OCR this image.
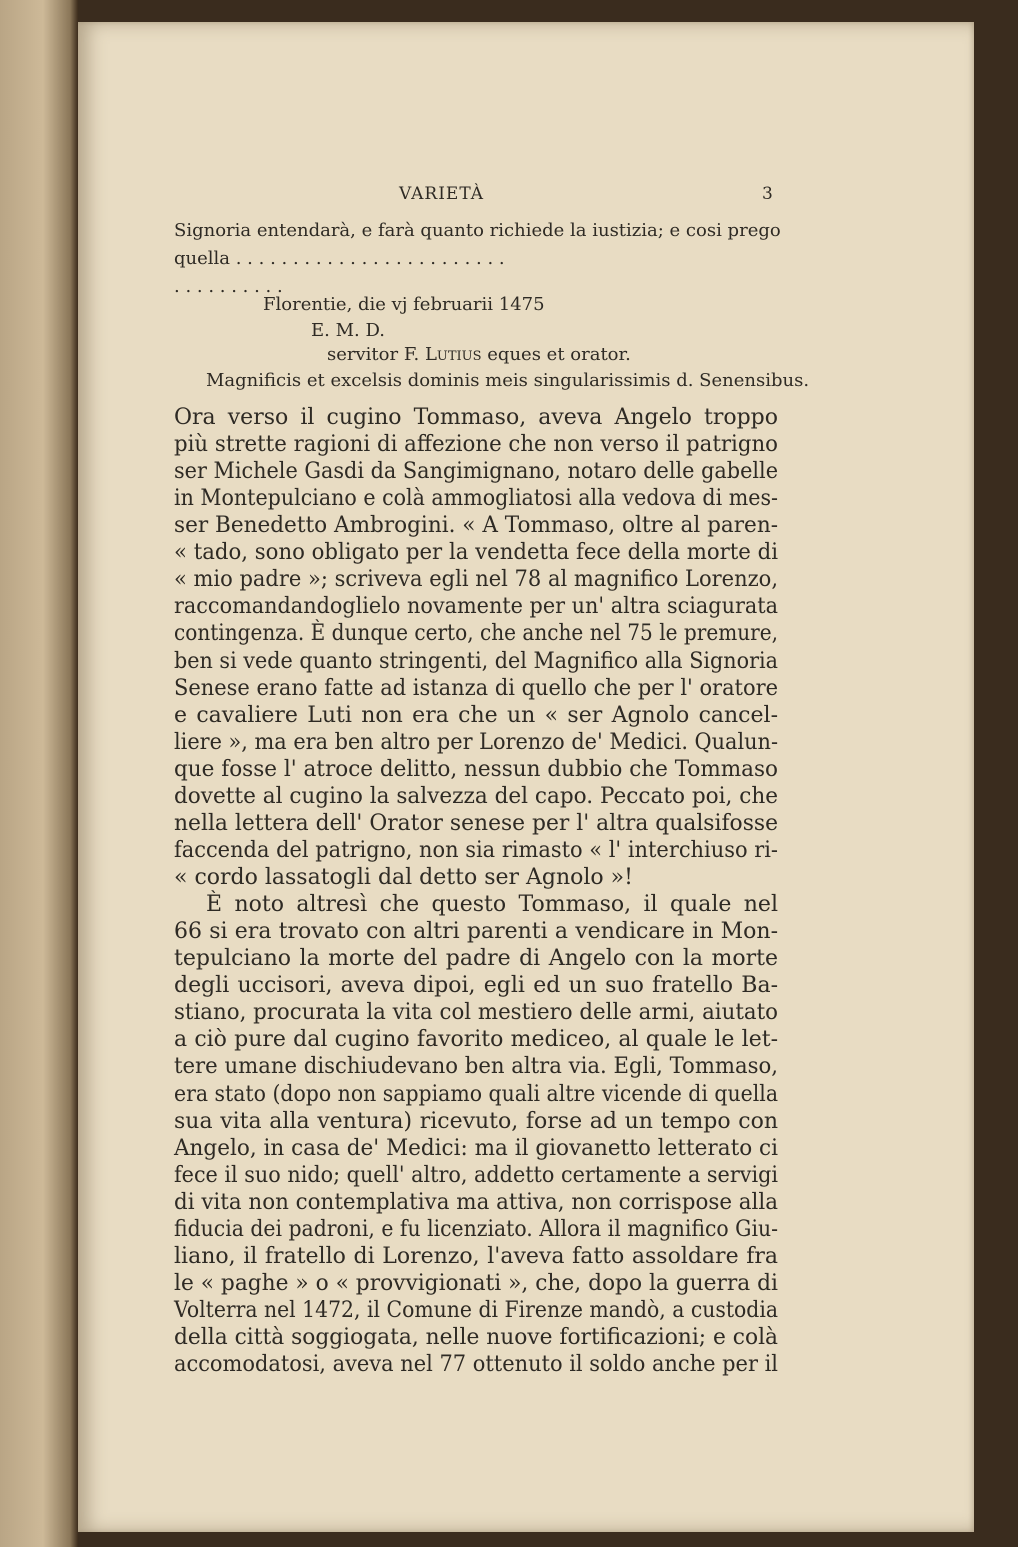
VARIETÀ	3
Signoria entendarà, e farà quanto richiede la iustizia; e cosi prego
quella . . . . . . . . . . . . . . . . . . . . . . . .
. . . . . . . . . .
Florentie, die vj februarii 1475
E. M. D.
servitor F. Lutius eques et orator.
Magnificis et excelsis dominis meis singularissimis d. Senensibus.
Ora verso il cugino Tommaso, aveva Angelo troppo
più strette ragioni di affezione che non verso il patrigno
ser Michele Gasdi da Sangimignano, notaro delle gabelle
in Montepulciano e colà ammogliatosi alla vedova di mes-
ser Benedetto Ambrogini. « A Tommaso, oltre al paren-
« tado, sono obligato per la vendetta fece della morte di
« mio padre »; scriveva egli nel 78 al magnifico Lorenzo,
raccomandandoglielo novamente per un' altra sciagurata
contingenza. È dunque certo, che anche nel 75 le premure,
ben si vede quanto stringenti, del Magnifico alla Signoria
Senese erano fatte ad istanza di quello che per l' oratore
e cavaliere Luti non era che un « ser Agnolo cancel-
liere », ma era ben altro per Lorenzo de' Medici. Qualun-
que fosse l' atroce delitto, nessun dubbio che Tommaso
dovette al cugino la salvezza del capo. Peccato poi, che
nella lettera dell' Orator senese per l' altra qualsifosse
faccenda del patrigno, non sia rimasto « l' interchiuso ri-
« cordo lassatogli dal detto ser Agnolo »!
È noto altresì che questo Tommaso, il quale nel
66 si era trovato con altri parenti a vendicare in Mon-
tepulciano la morte del padre di Angelo con la morte
degli uccisori, aveva dipoi, egli ed un suo fratello Ba-
stiano, procurata la vita col mestiero delle armi, aiutato
a ciò pure dal cugino favorito mediceo, al quale le let-
tere umane dischiudevano ben altra via. Egli, Tommaso,
era stato (dopo non sappiamo quali altre vicende di quella
sua vita alla ventura) ricevuto, forse ad un tempo con
Angelo, in casa de' Medici: ma il giovanetto letterato ci
fece il suo nido; quell' altro, addetto certamente a servigi
di vita non contemplativa ma attiva, non corrispose alla
fiducia dei padroni, e fu licenziato. Allora il magnifico Giu-
liano, il fratello di Lorenzo, l'aveva fatto assoldare fra
le « paghe » o « provvigionati », che, dopo la guerra di
Volterra nel 1472, il Comune di Firenze mandò, a custodia
della città soggiogata, nelle nuove fortificazioni; e colà
accomodatosi, aveva nel 77 ottenuto il soldo anche per il
